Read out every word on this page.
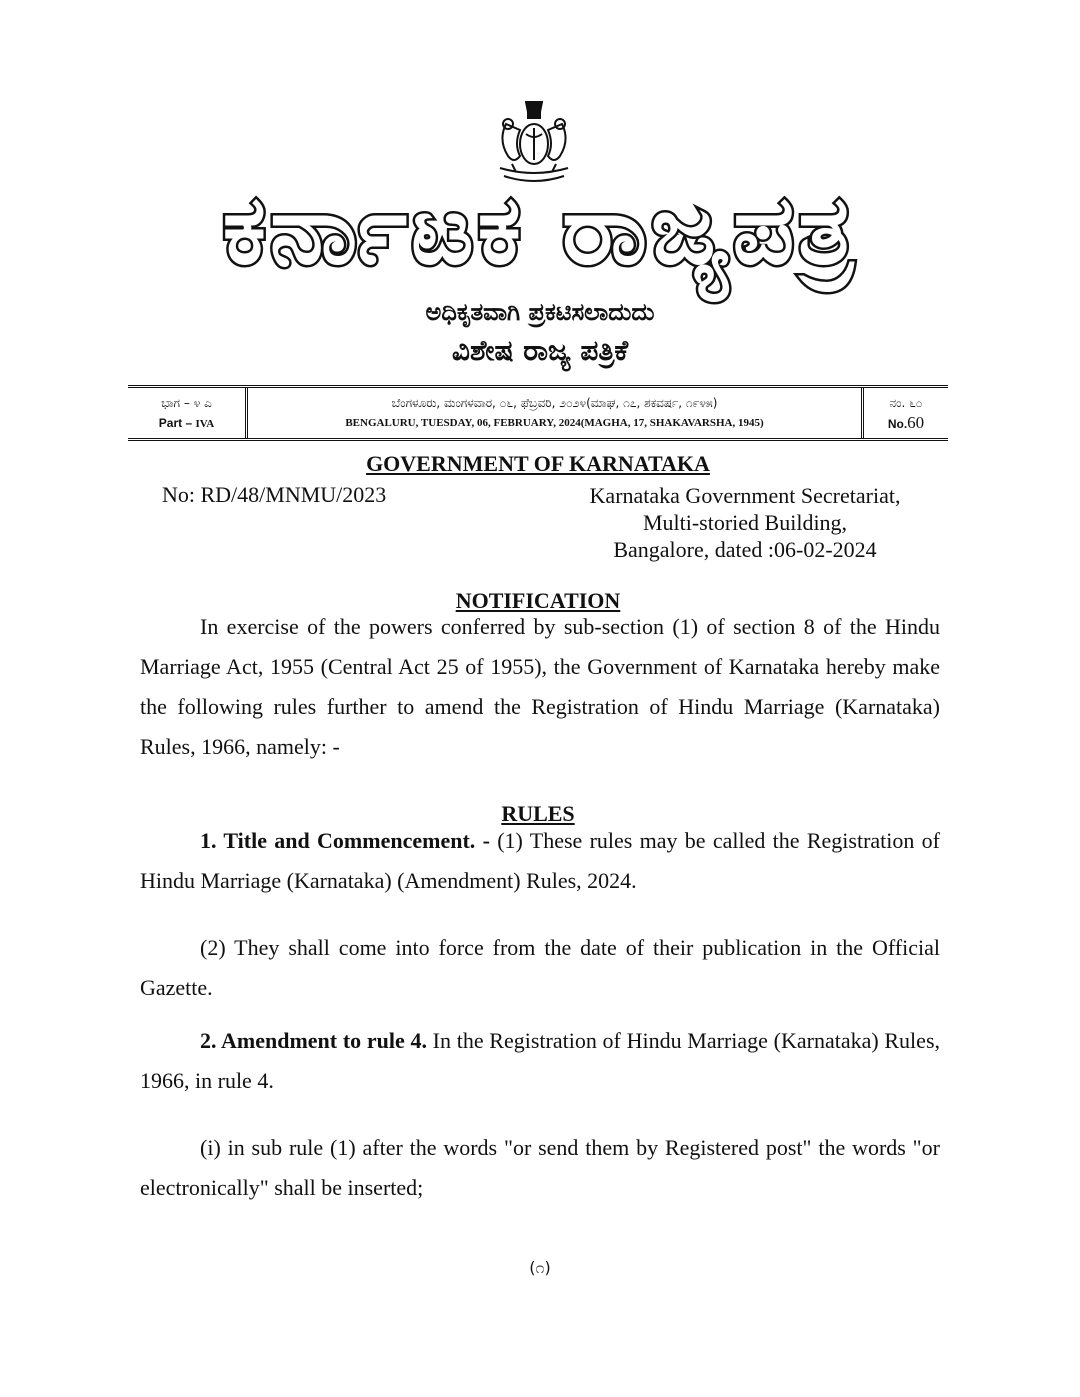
ಕರ್ನಾಟಕ ರಾಜ್ಯಪತ್ರ
ಅಧಿಕೃತವಾಗಿ ಪ್ರಕಟಿಸಲಾದುದು
ವಿಶೇಷ ರಾಜ್ಯ ಪತ್ರಿಕೆ
ಭಾಗ – ೪ ಎ
Part – IVA
ಬೆಂಗಳೂರು, ಮಂಗಳವಾರ, ೦೬, ಫೆಬ್ರವರಿ, ೨೦೨೪(ಮಾಘ, ೧೭, ಶಕವರ್ಷ, ೧೯೪೫)
BENGALURU, TUESDAY, 06, FEBRUARY, 2024(MAGHA, 17, SHAKAVARSHA, 1945)
ನಂ. ೬೦
No.60
GOVERNMENT OF KARNATAKA
No: RD/48/MNMU/2023	Karnataka Government Secretariat,
Multi-storied Building,
Bangalore, dated :06-02-2024
NOTIFICATION
In exercise of the powers conferred by sub-section (1) of section 8 of the Hindu Marriage Act, 1955 (Central Act 25 of 1955), the Government of Karnataka hereby make the following rules further to amend the Registration of Hindu Marriage (Karnataka) Rules, 1966, namely: -
RULES
1. Title and Commencement. - (1) These rules may be called the Registration of Hindu Marriage (Karnataka) (Amendment) Rules, 2024.
(2) They shall come into force from the date of their publication in the Official Gazette.
2. Amendment to rule 4. In the Registration of Hindu Marriage (Karnataka) Rules, 1966, in rule 4.
(i) in sub rule (1) after the words "or send them by Registered post" the words "or electronically" shall be inserted;
(೧)
